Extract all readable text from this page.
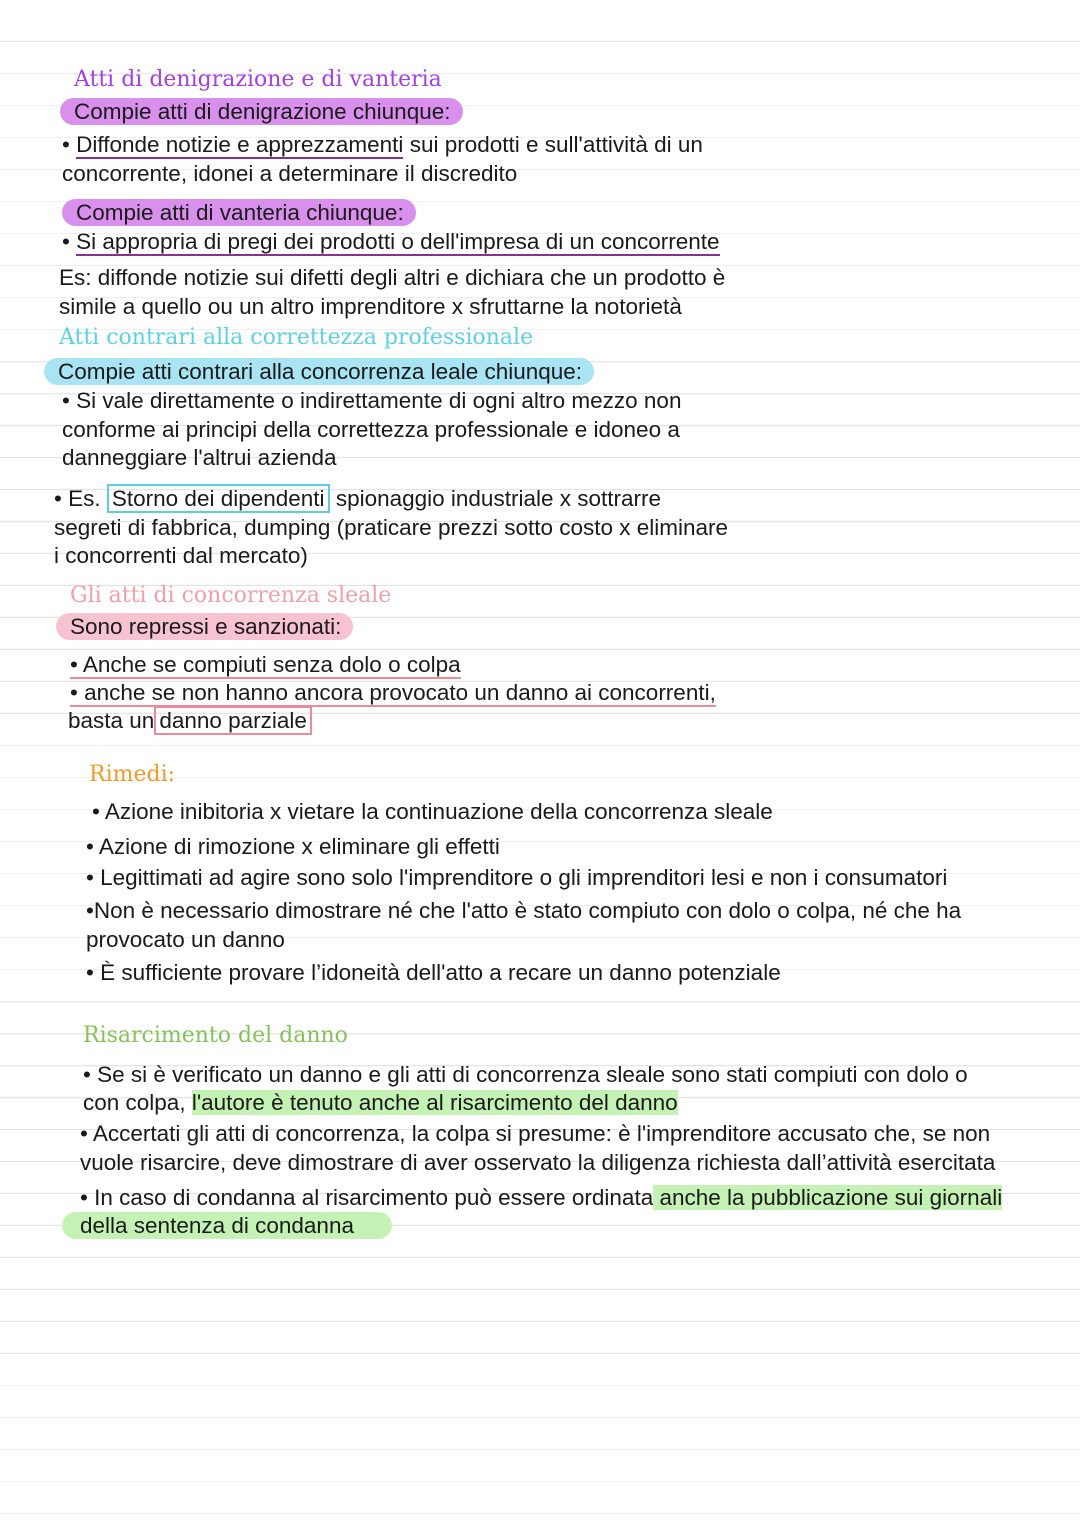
Atti di denigrazione e di vanteria
Compie atti di denigrazione chiunque:
• Diffonde notizie e apprezzamenti sui prodotti e sull'attività di un
concorrente, idonei a determinare il discredito
Compie atti di vanteria chiunque:
• Si appropria di pregi dei prodotti o dell'impresa di un concorrente
Es: diffonde notizie sui difetti degli altri e dichiara che un prodotto è
simile a quello ou un altro imprenditore x sfruttarne la notorietà
Atti contrari alla correttezza professionale
Compie atti contrari alla concorrenza leale chiunque:
• Si vale direttamente o indirettamente di ogni altro mezzo non
conforme ai principi della correttezza professionale e idoneo a
danneggiare l'altrui azienda
• Es. Storno dei dipendenti spionaggio industriale x sottrarre
segreti di fabbrica, dumping (praticare prezzi sotto costo x eliminare
i concorrenti dal mercato)
Gli atti di concorrenza sleale
Sono repressi e sanzionati:
• Anche se compiuti senza dolo o colpa
• anche se non hanno ancora provocato un danno ai concorrenti,
basta un danno parziale
Rimedi:
• Azione inibitoria x vietare la continuazione della concorrenza sleale
• Azione di rimozione x eliminare gli effetti
• Legittimati ad agire sono solo l'imprenditore o gli imprenditori lesi e non i consumatori
•Non è necessario dimostrare né che l'atto è stato compiuto con dolo o colpa, né che ha
provocato un danno
• È sufficiente provare l’idoneità dell'atto a recare un danno potenziale
Risarcimento del danno
• Se si è verificato un danno e gli atti di concorrenza sleale sono stati compiuti con dolo o
con colpa, l'autore è tenuto anche al risarcimento del danno
• Accertati gli atti di concorrenza, la colpa si presume: è l'imprenditore accusato che, se non
vuole risarcire, deve dimostrare di aver osservato la diligenza richiesta dall’attività esercitata
• In caso di condanna al risarcimento può essere ordinata anche la pubblicazione sui giornali
della sentenza di condanna
